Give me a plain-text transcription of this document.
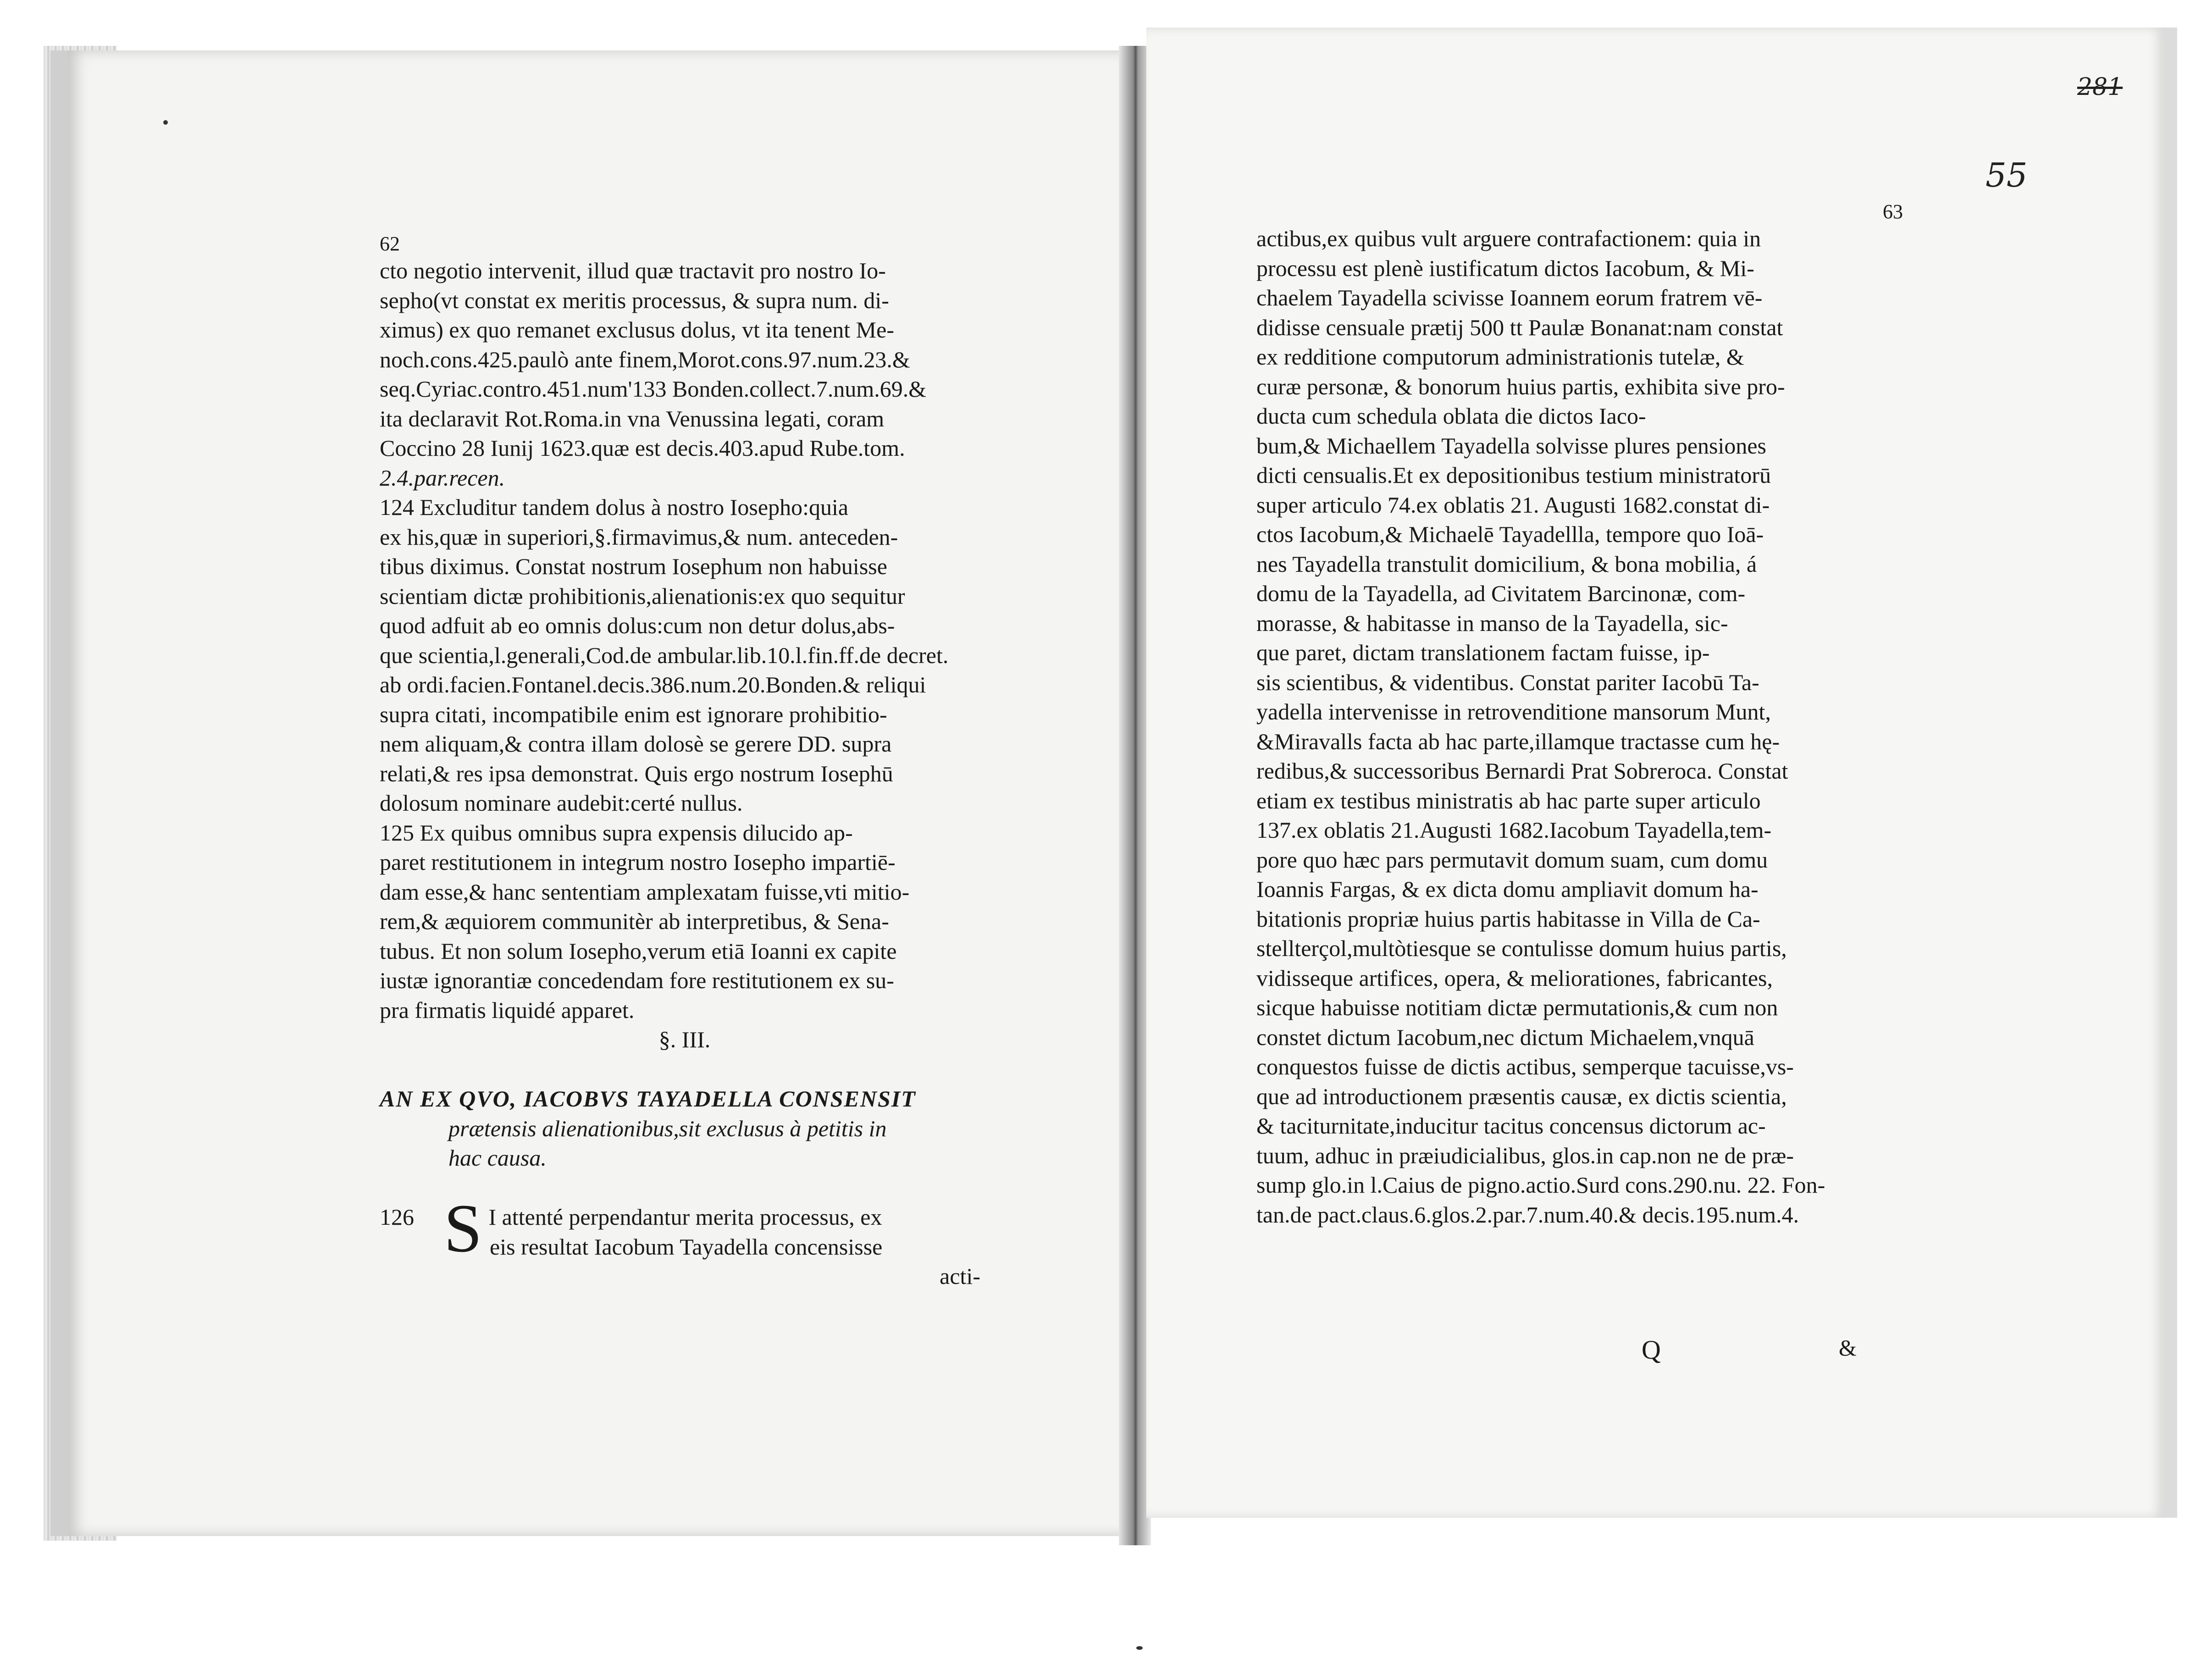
281
55
62
cto negotio intervenit, illud quæ tractavit pro nostro Io-
sepho(vt constat ex meritis processus, & supra num. di-
ximus) ex quo remanet exclusus dolus, vt ita tenent Me-
noch.cons.425.paulò ante finem,Morot.cons.97.num.23.&
seq.Cyriac.contro.451.num'133 Bonden.collect.7.num.69.&
ita declaravit Rot.Roma.in vna Venussina legati, coram
Coccino 28 Iunij 1623.quæ est decis.403.apud Rube.tom.
2.4.par.recen.
124 Excluditur tandem dolus à nostro Iosepho:quia
ex his,quæ in superiori,§.firmavimus,& num. anteceden-
tibus diximus. Constat nostrum Iosephum non habuisse
scientiam dictæ prohibitionis,alienationis:ex quo sequitur
quod adfuit ab eo omnis dolus:cum non detur dolus,abs-
que scientia,l.generali,Cod.de ambular.lib.10.l.fin.ff.de decret.
ab ordi.facien.Fontanel.decis.386.num.20.Bonden.& reliqui
supra citati, incompatibile enim est ignorare prohibitio-
nem aliquam,& contra illam dolosè se gerere DD. supra
relati,& res ipsa demonstrat. Quis ergo nostrum Iosephū
dolosum nominare audebit:certé nullus.
125 Ex quibus omnibus supra expensis dilucido ap-
paret restitutionem in integrum nostro Iosepho impartiē-
dam esse,& hanc sententiam amplexatam fuisse,vti mitio-
rem,& æquiorem communitèr ab interpretibus, & Sena-
tubus. Et non solum Iosepho,verum etiā Ioanni ex capite
iustæ ignorantiæ concedendam fore restitutionem ex su-
pra firmatis liquidé apparet.
§. III.
AN EX QVO, IACOBVS TAYADELLA CONSENSIT
prætensis alienationibus,sit exclusus à petitis in
hac causa.
126 S I attenté perpendantur merita processus, ex
eis resultat Iacobum Tayadella concensisse
acti-
63
actibus,ex quibus vult arguere contrafactionem: quia in
processu est plenè iustificatum dictos Iacobum, & Mi-
chaelem Tayadella scivisse Ioannem eorum fratrem vē-
didisse censuale prætij 500 tt Paulæ Bonanat:nam constat
ex redditione computorum administrationis tutelæ, &
curæ personæ, & bonorum huius partis, exhibita sive pro-
ducta cum schedula oblata die dictos Iaco-
bum,& Michaellem Tayadella solvisse plures pensiones
dicti censualis.Et ex depositionibus testium ministratorū
super articulo 74.ex oblatis 21. Augusti 1682.constat di-
ctos Iacobum,& Michaelē Tayadellla, tempore quo Ioā-
nes Tayadella transtulit domicilium, & bona mobilia, á
domu de la Tayadella, ad Civitatem Barcinonæ, com-
morasse, & habitasse in manso de la Tayadella, sic-
que paret, dictam translationem factam fuisse, ip-
sis scientibus, & videntibus. Constat pariter Iacobū Ta-
yadella intervenisse in retrovenditione mansorum Munt,
&Miravalls facta ab hac parte,illamque tractasse cum hę-
redibus,& successoribus Bernardi Prat Sobreroca. Constat
etiam ex testibus ministratis ab hac parte super articulo
137.ex oblatis 21.Augusti 1682.Iacobum Tayadella,tem-
pore quo hæc pars permutavit domum suam, cum domu
Ioannis Fargas, & ex dicta domu ampliavit domum ha-
bitationis propriæ huius partis habitasse in Villa de Ca-
stellterçol,multòtiesque se contulisse domum huius partis,
vidisseque artifices, opera, & meliorationes, fabricantes,
sicque habuisse notitiam dictæ permutationis,& cum non
constet dictum Iacobum,nec dictum Michaelem,vnquā
conquestos fuisse de dictis actibus, semperque tacuisse,vs-
que ad introductionem præsentis causæ, ex dictis scientia,
& taciturnitate,inducitur tacitus concensus dictorum ac-
tuum, adhuc in præiudicialibus, glos.in cap.non ne de præ-
sump glo.in l.Caius de pigno.actio.Surd cons.290.nu. 22. Fon-
tan.de pact.claus.6.glos.2.par.7.num.40.& decis.195.num.4.
Q	&
